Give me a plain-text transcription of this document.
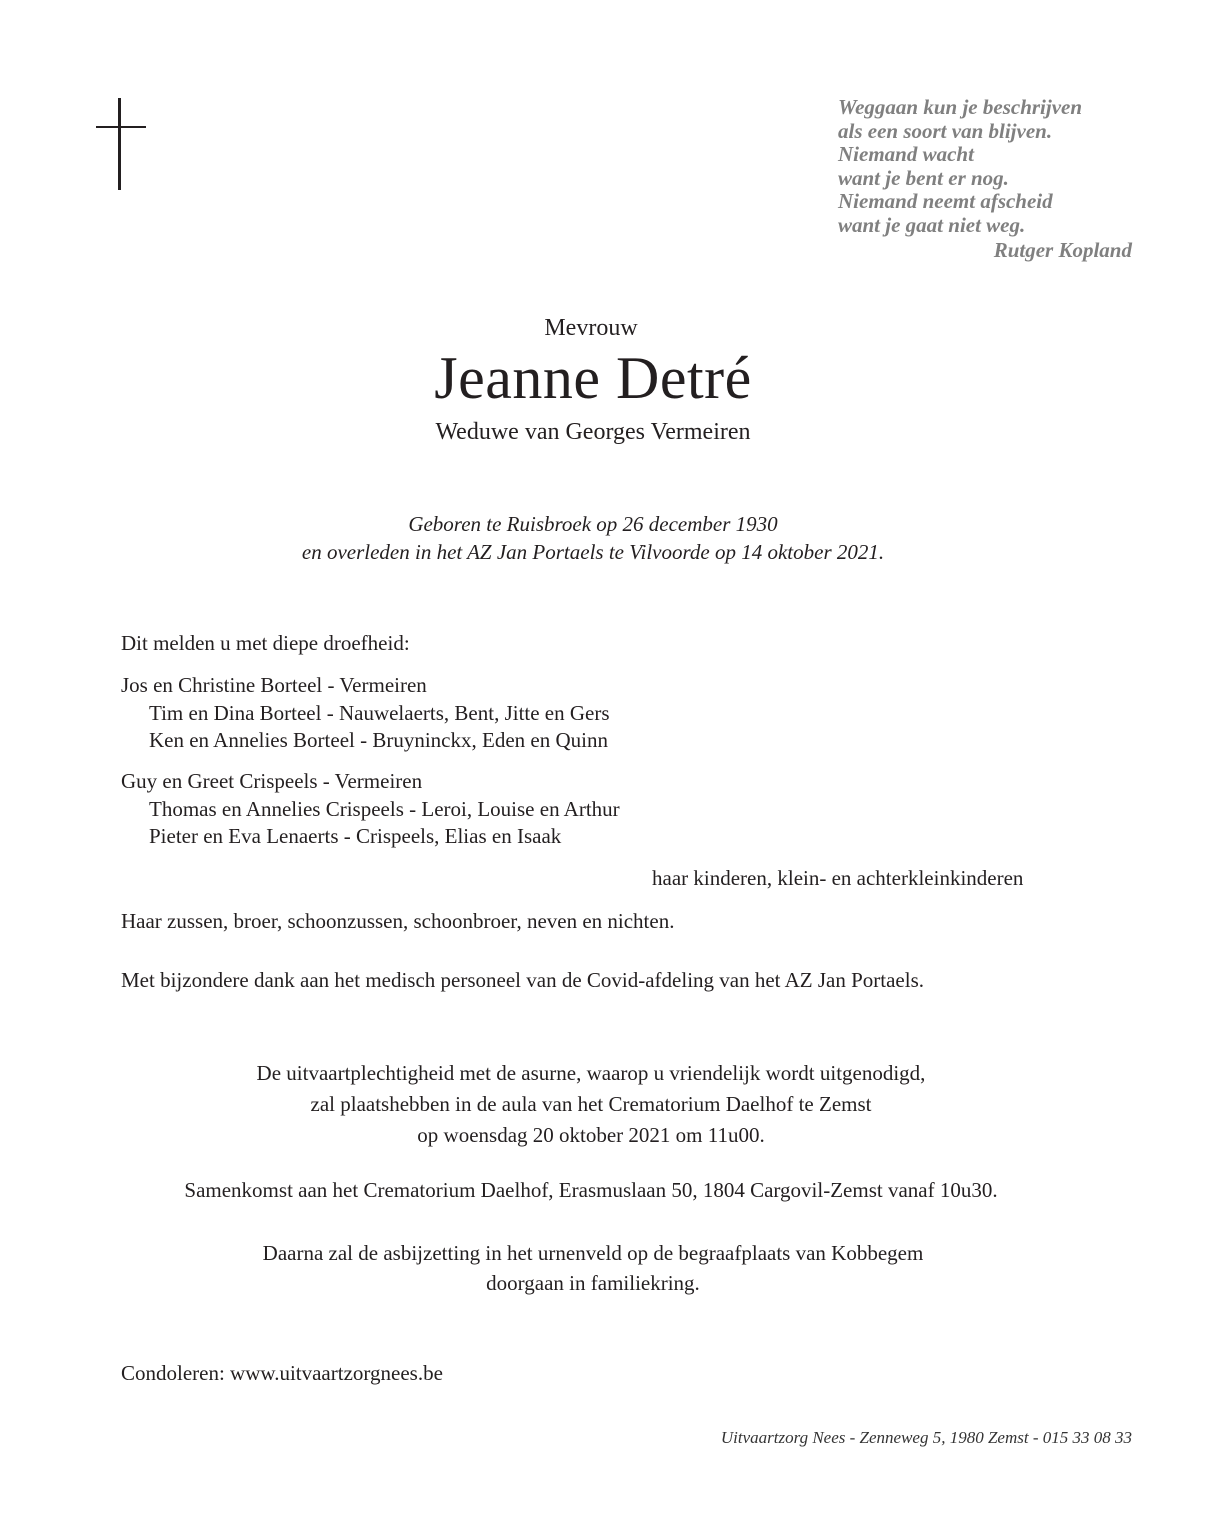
Weggaan kun je beschrijven
als een soort van blijven.
Niemand wacht
want je bent er nog.
Niemand neemt afscheid
want je gaat niet weg.
Rutger Kopland
Mevrouw
Jeanne Detré
Weduwe van Georges Vermeiren
Geboren te Ruisbroek op 26 december 1930
en overleden in het AZ Jan Portaels te Vilvoorde op 14 oktober 2021.
Dit melden u met diepe droefheid:
Jos en Christine Borteel - Vermeiren
Tim en Dina Borteel - Nauwelaerts, Bent, Jitte en Gers
Ken en Annelies Borteel - Bruyninckx, Eden en Quinn
Guy en Greet Crispeels - Vermeiren
Thomas en Annelies Crispeels - Leroi, Louise en Arthur
Pieter en Eva Lenaerts - Crispeels, Elias en Isaak
haar kinderen, klein- en achterkleinkinderen
Haar zussen, broer, schoonzussen, schoonbroer, neven en nichten.
Met bijzondere dank aan het medisch personeel van de Covid-afdeling van het AZ Jan Portaels.
De uitvaartplechtigheid met de asurne, waarop u vriendelijk wordt uitgenodigd,
zal plaatshebben in de aula van het Crematorium Daelhof te Zemst
op woensdag 20 oktober 2021 om 11u00.
Samenkomst aan het Crematorium Daelhof, Erasmuslaan 50, 1804 Cargovil-Zemst vanaf 10u30.
Daarna zal de asbijzetting in het urnenveld op de begraafplaats van Kobbegem
doorgaan in familiekring.
Condoleren: www.uitvaartzorgnees.be
Uitvaartzorg Nees - Zenneweg 5, 1980 Zemst - 015 33 08 33
